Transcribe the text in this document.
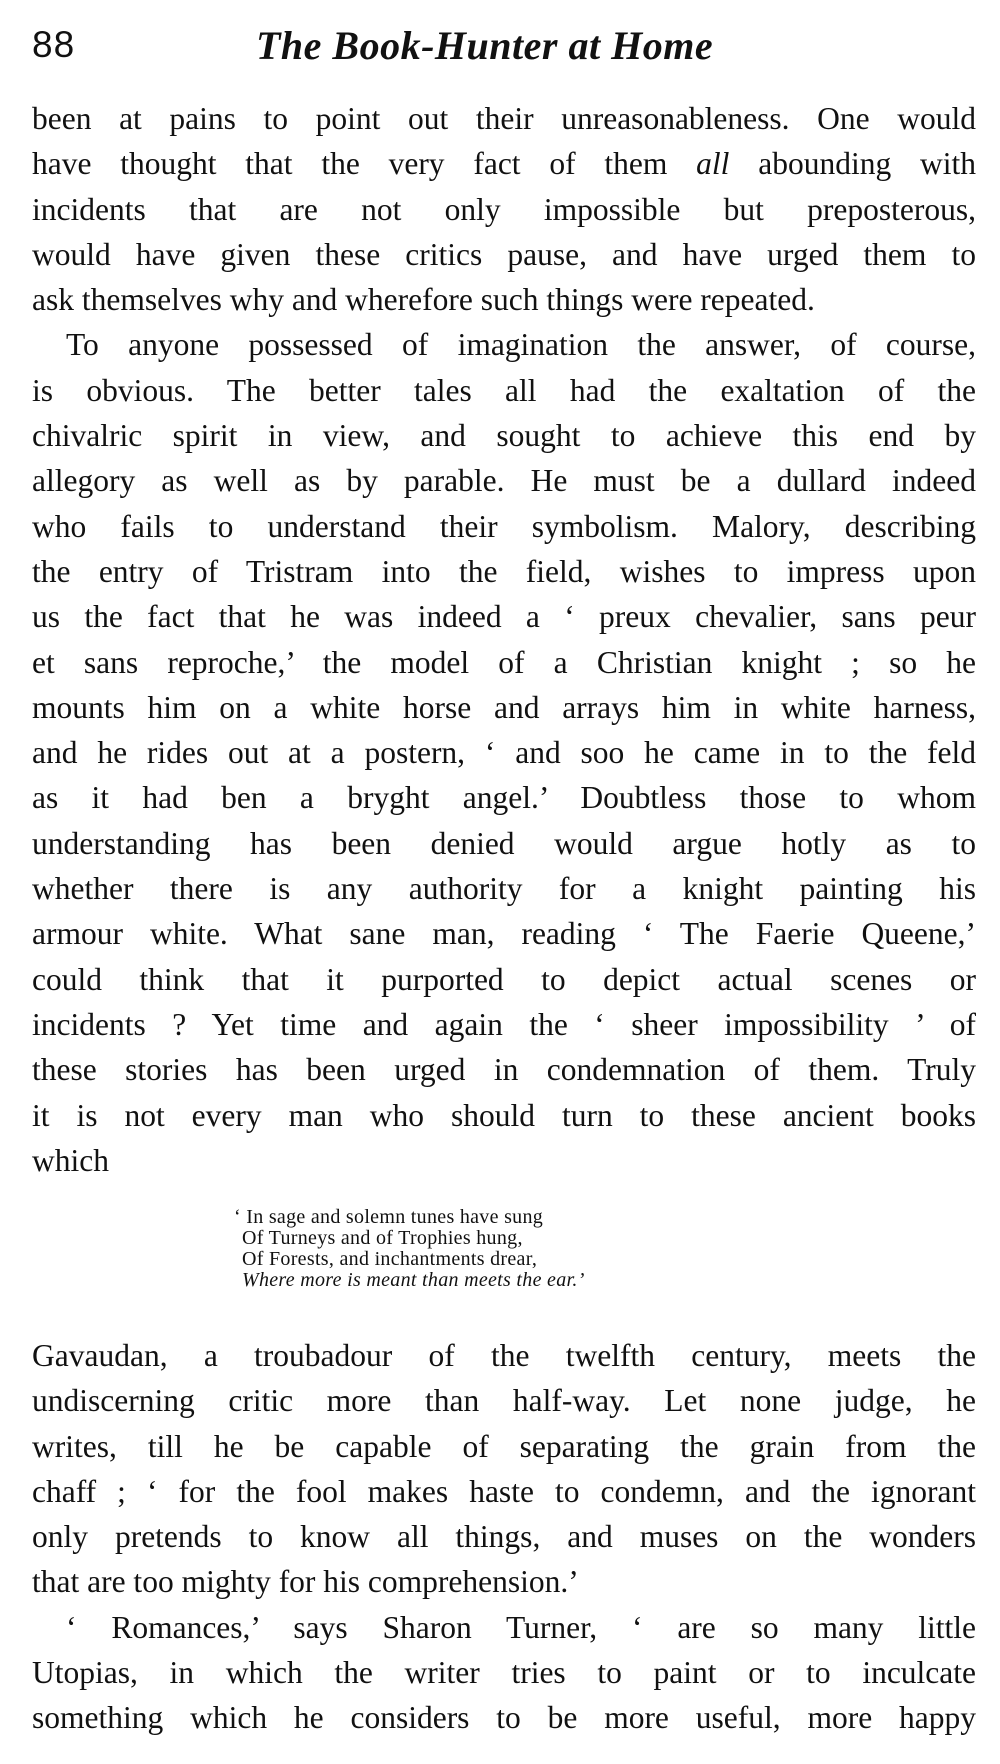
88	The Book-Hunter at Home
been at pains to point out their unreasonableness. One would
have thought that the very fact of them all abounding with
incidents that are not only impossible but preposterous,
would have given these critics pause, and have urged them to
ask themselves why and wherefore such things were repeated.
To anyone possessed of imagination the answer, of course,
is obvious. The better tales all had the exaltation of the
chivalric spirit in view, and sought to achieve this end by
allegory as well as by parable. He must be a dullard indeed
who fails to understand their symbolism. Malory, describing
the entry of Tristram into the field, wishes to impress upon
us the fact that he was indeed a ‘ preux chevalier, sans peur
et sans reproche,’ the model of a Christian knight ; so he
mounts him on a white horse and arrays him in white harness,
and he rides out at a postern, ‘ and soo he came in to the feld
as it had ben a bryght angel.’ Doubtless those to whom
understanding has been denied would argue hotly as to
whether there is any authority for a knight painting his
armour white. What sane man, reading ‘ The Faerie Queene,’
could think that it purported to depict actual scenes or
incidents ? Yet time and again the ‘ sheer impossibility ’ of
these stories has been urged in condemnation of them. Truly
it is not every man who should turn to these ancient books
which
‘ In sage and solemn tunes have sung
Of Turneys and of Trophies hung,
Of Forests, and inchantments drear,
Where more is meant than meets the ear.’
Gavaudan, a troubadour of the twelfth century, meets the
undiscerning critic more than half-way. Let none judge, he
writes, till he be capable of separating the grain from the
chaff ; ‘ for the fool makes haste to condemn, and the ignorant
only pretends to know all things, and muses on the wonders
that are too mighty for his comprehension.’
‘ Romances,’ says Sharon Turner, ‘ are so many little
Utopias, in which the writer tries to paint or to inculcate
something which he considers to be more useful, more happy
